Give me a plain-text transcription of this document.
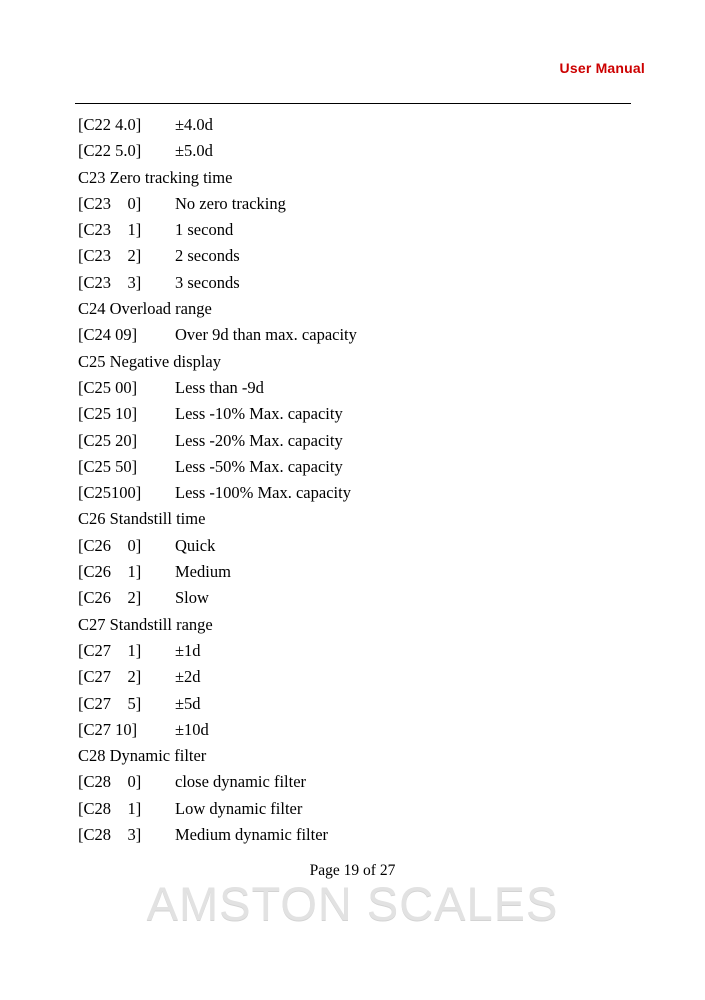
User Manual
[C22 4.0]	±4.0d
[C22 5.0]	±5.0d
C23 Zero tracking time
[C23    0]	No zero tracking
[C23    1]	1 second
[C23    2]	2 seconds
[C23    3]	3 seconds
C24 Overload range
[C24 09]	Over 9d than max. capacity
C25 Negative display
[C25 00]	Less than -9d
[C25 10]	Less -10% Max. capacity
[C25 20]	Less -20% Max. capacity
[C25 50]	Less -50% Max. capacity
[C25100]	Less -100% Max. capacity
C26 Standstill time
[C26    0]	Quick
[C26    1]	Medium
[C26    2]	Slow
C27 Standstill range
[C27    1]	±1d
[C27    2]	±2d
[C27    5]	±5d
[C27 10]	±10d
C28 Dynamic filter
[C28    0]	close dynamic filter
[C28    1]	Low dynamic filter
[C28    3]	Medium dynamic filter
Page 19 of 27
AMSTON SCALES
